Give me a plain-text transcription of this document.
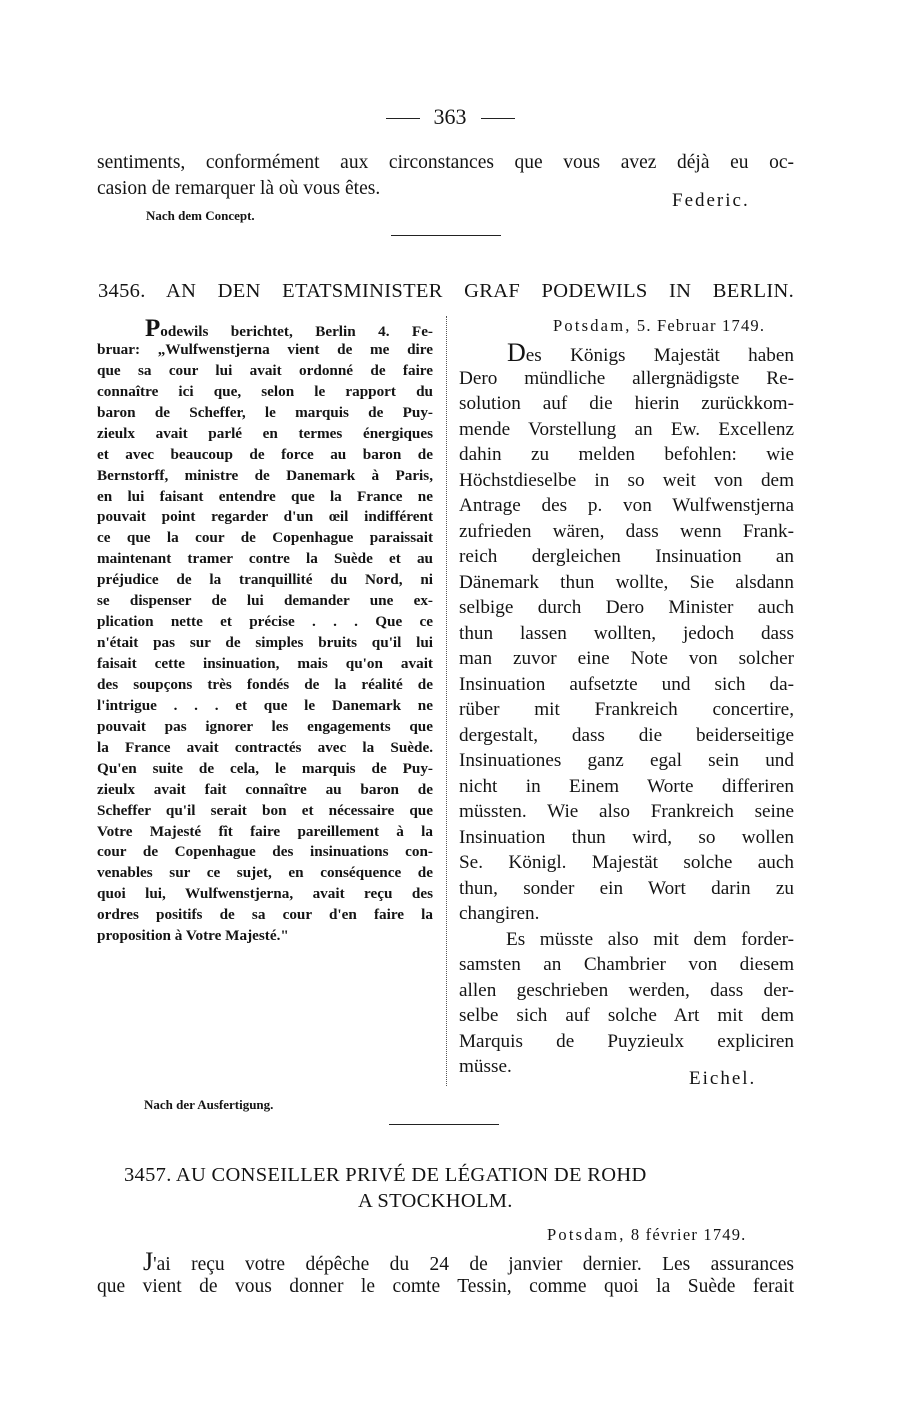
363
sentiments, conformément aux circonstances que vous avez déjà eu oc-
casion de remarquer là où vous êtes.
Federic.
Nach dem Concept.
3456. AN DEN ETATSMINISTER GRAF PODEWILS IN BERLIN.
Podewils berichtet, Berlin 4. Fe-
bruar: „Wulfwenstjerna vient de me dire
que sa cour lui avait ordonné de faire
connaître ici que, selon le rapport du
baron de Scheffer, le marquis de Puy-
zieulx avait parlé en termes énergiques
et avec beaucoup de force au baron de
Bernstorff, ministre de Danemark à Paris,
en lui faisant entendre que la France ne
pouvait point regarder d'un œil indifférent
ce que la cour de Copenhague paraissait
maintenant tramer contre la Suède et au
préjudice de la tranquillité du Nord, ni
se dispenser de lui demander une ex-
plication nette et précise . . . Que ce
n'était pas sur de simples bruits qu'il lui
faisait cette insinuation, mais qu'on avait
des soupçons très fondés de la réalité de
l'intrigue . . . et que le Danemark ne
pouvait pas ignorer les engagements que
la France avait contractés avec la Suède.
Qu'en suite de cela, le marquis de Puy-
zieulx avait fait connaître au baron de
Scheffer qu'il serait bon et nécessaire que
Votre Majesté fît faire pareillement à la
cour de Copenhague des insinuations con-
venables sur ce sujet, en conséquence de
quoi lui, Wulfwenstjerna, avait reçu des
ordres positifs de sa cour d'en faire la
proposition à Votre Majesté."
Potsdam, 5. Februar 1749.
Des Königs Majestät haben
Dero mündliche allergnädigste Re-
solution auf die hierin zurückkom-
mende Vorstellung an Ew. Excellenz
dahin zu melden befohlen: wie
Höchstdieselbe in so weit von dem
Antrage des p. von Wulfwenstjerna
zufrieden wären, dass wenn Frank-
reich dergleichen Insinuation an
Dänemark thun wollte, Sie alsdann
selbige durch Dero Minister auch
thun lassen wollten, jedoch dass
man zuvor eine Note von solcher
Insinuation aufsetzte und sich da-
rüber mit Frankreich concertire,
dergestalt, dass die beiderseitige
Insinuationes ganz egal sein und
nicht in Einem Worte differiren
müssten. Wie also Frankreich seine
Insinuation thun wird, so wollen
Se. Königl. Majestät solche auch
thun, sonder ein Wort darin zu
changiren.
Es müsste also mit dem forder-
samsten an Chambrier von diesem
allen geschrieben werden, dass der-
selbe sich auf solche Art mit dem
Marquis de Puyzieulx expliciren
müsse.
Eichel.
Nach der Ausfertigung.
3457. AU CONSEILLER PRIVÉ DE LÉGATION DE ROHD
A STOCKHOLM.
Potsdam, 8 février 1749.
J'ai reçu votre dépêche du 24 de janvier dernier. Les assurances
que vient de vous donner le comte Tessin, comme quoi la Suède ferait
